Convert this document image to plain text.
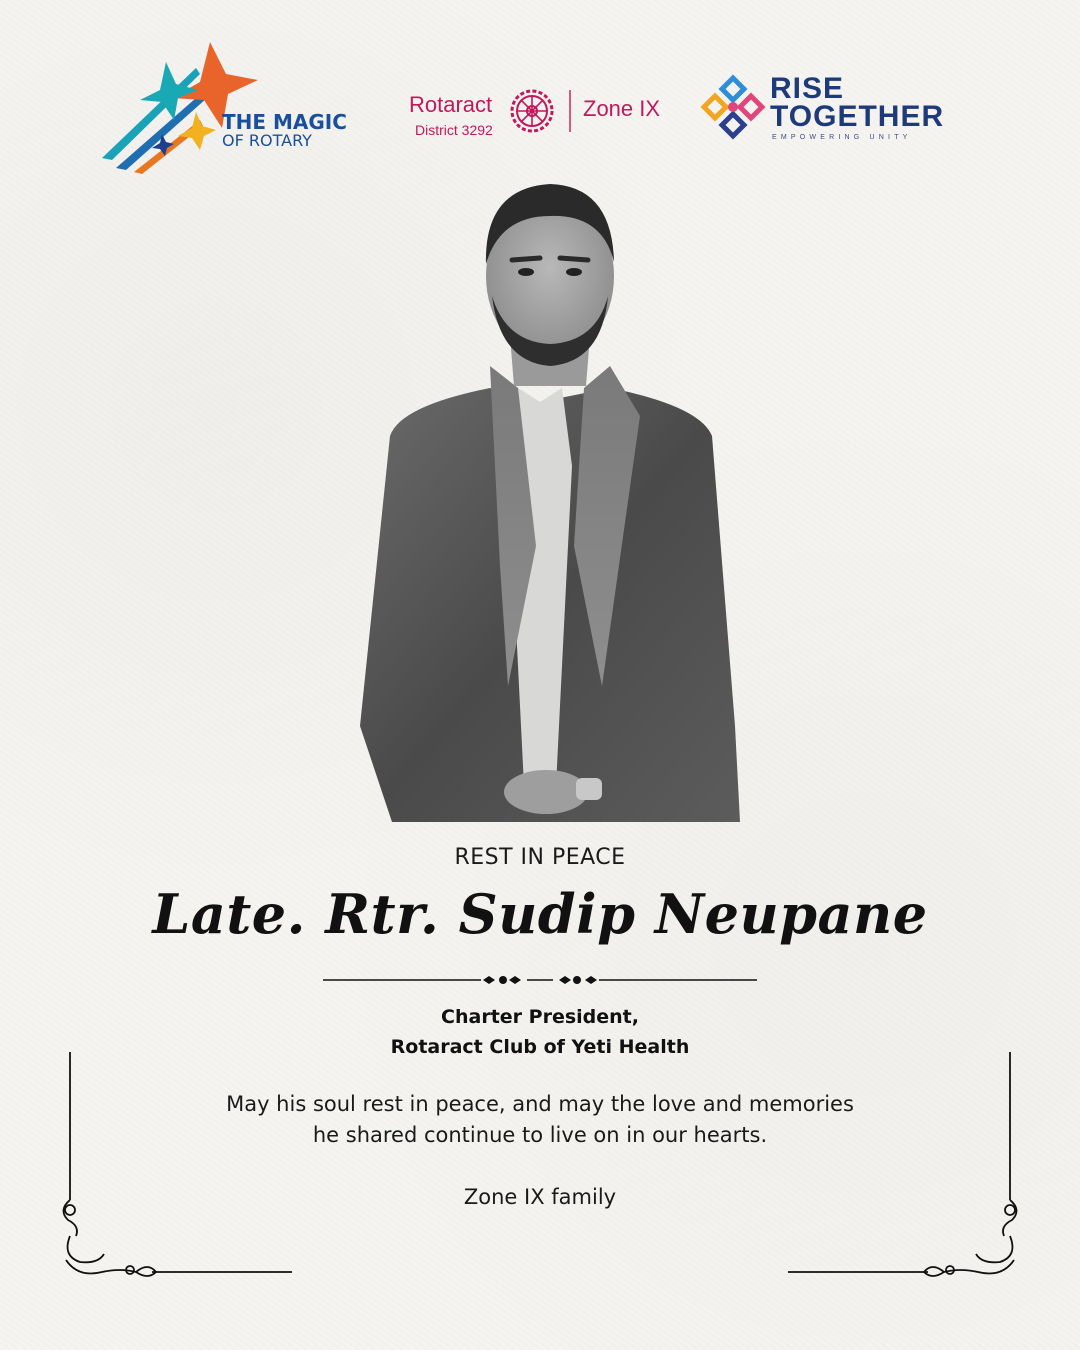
THE MAGIC
OF ROTARY
Rotaract
District 3292
Zone IX
RISE
TOGETHER
EMPOWERING UNITY
REST IN PEACE
Late. Rtr. Sudip Neupane
Charter President,
Rotaract Club of Yeti Health
May his soul rest in peace, and may the love and memories
he shared continue to live on in our hearts.
Zone IX family
